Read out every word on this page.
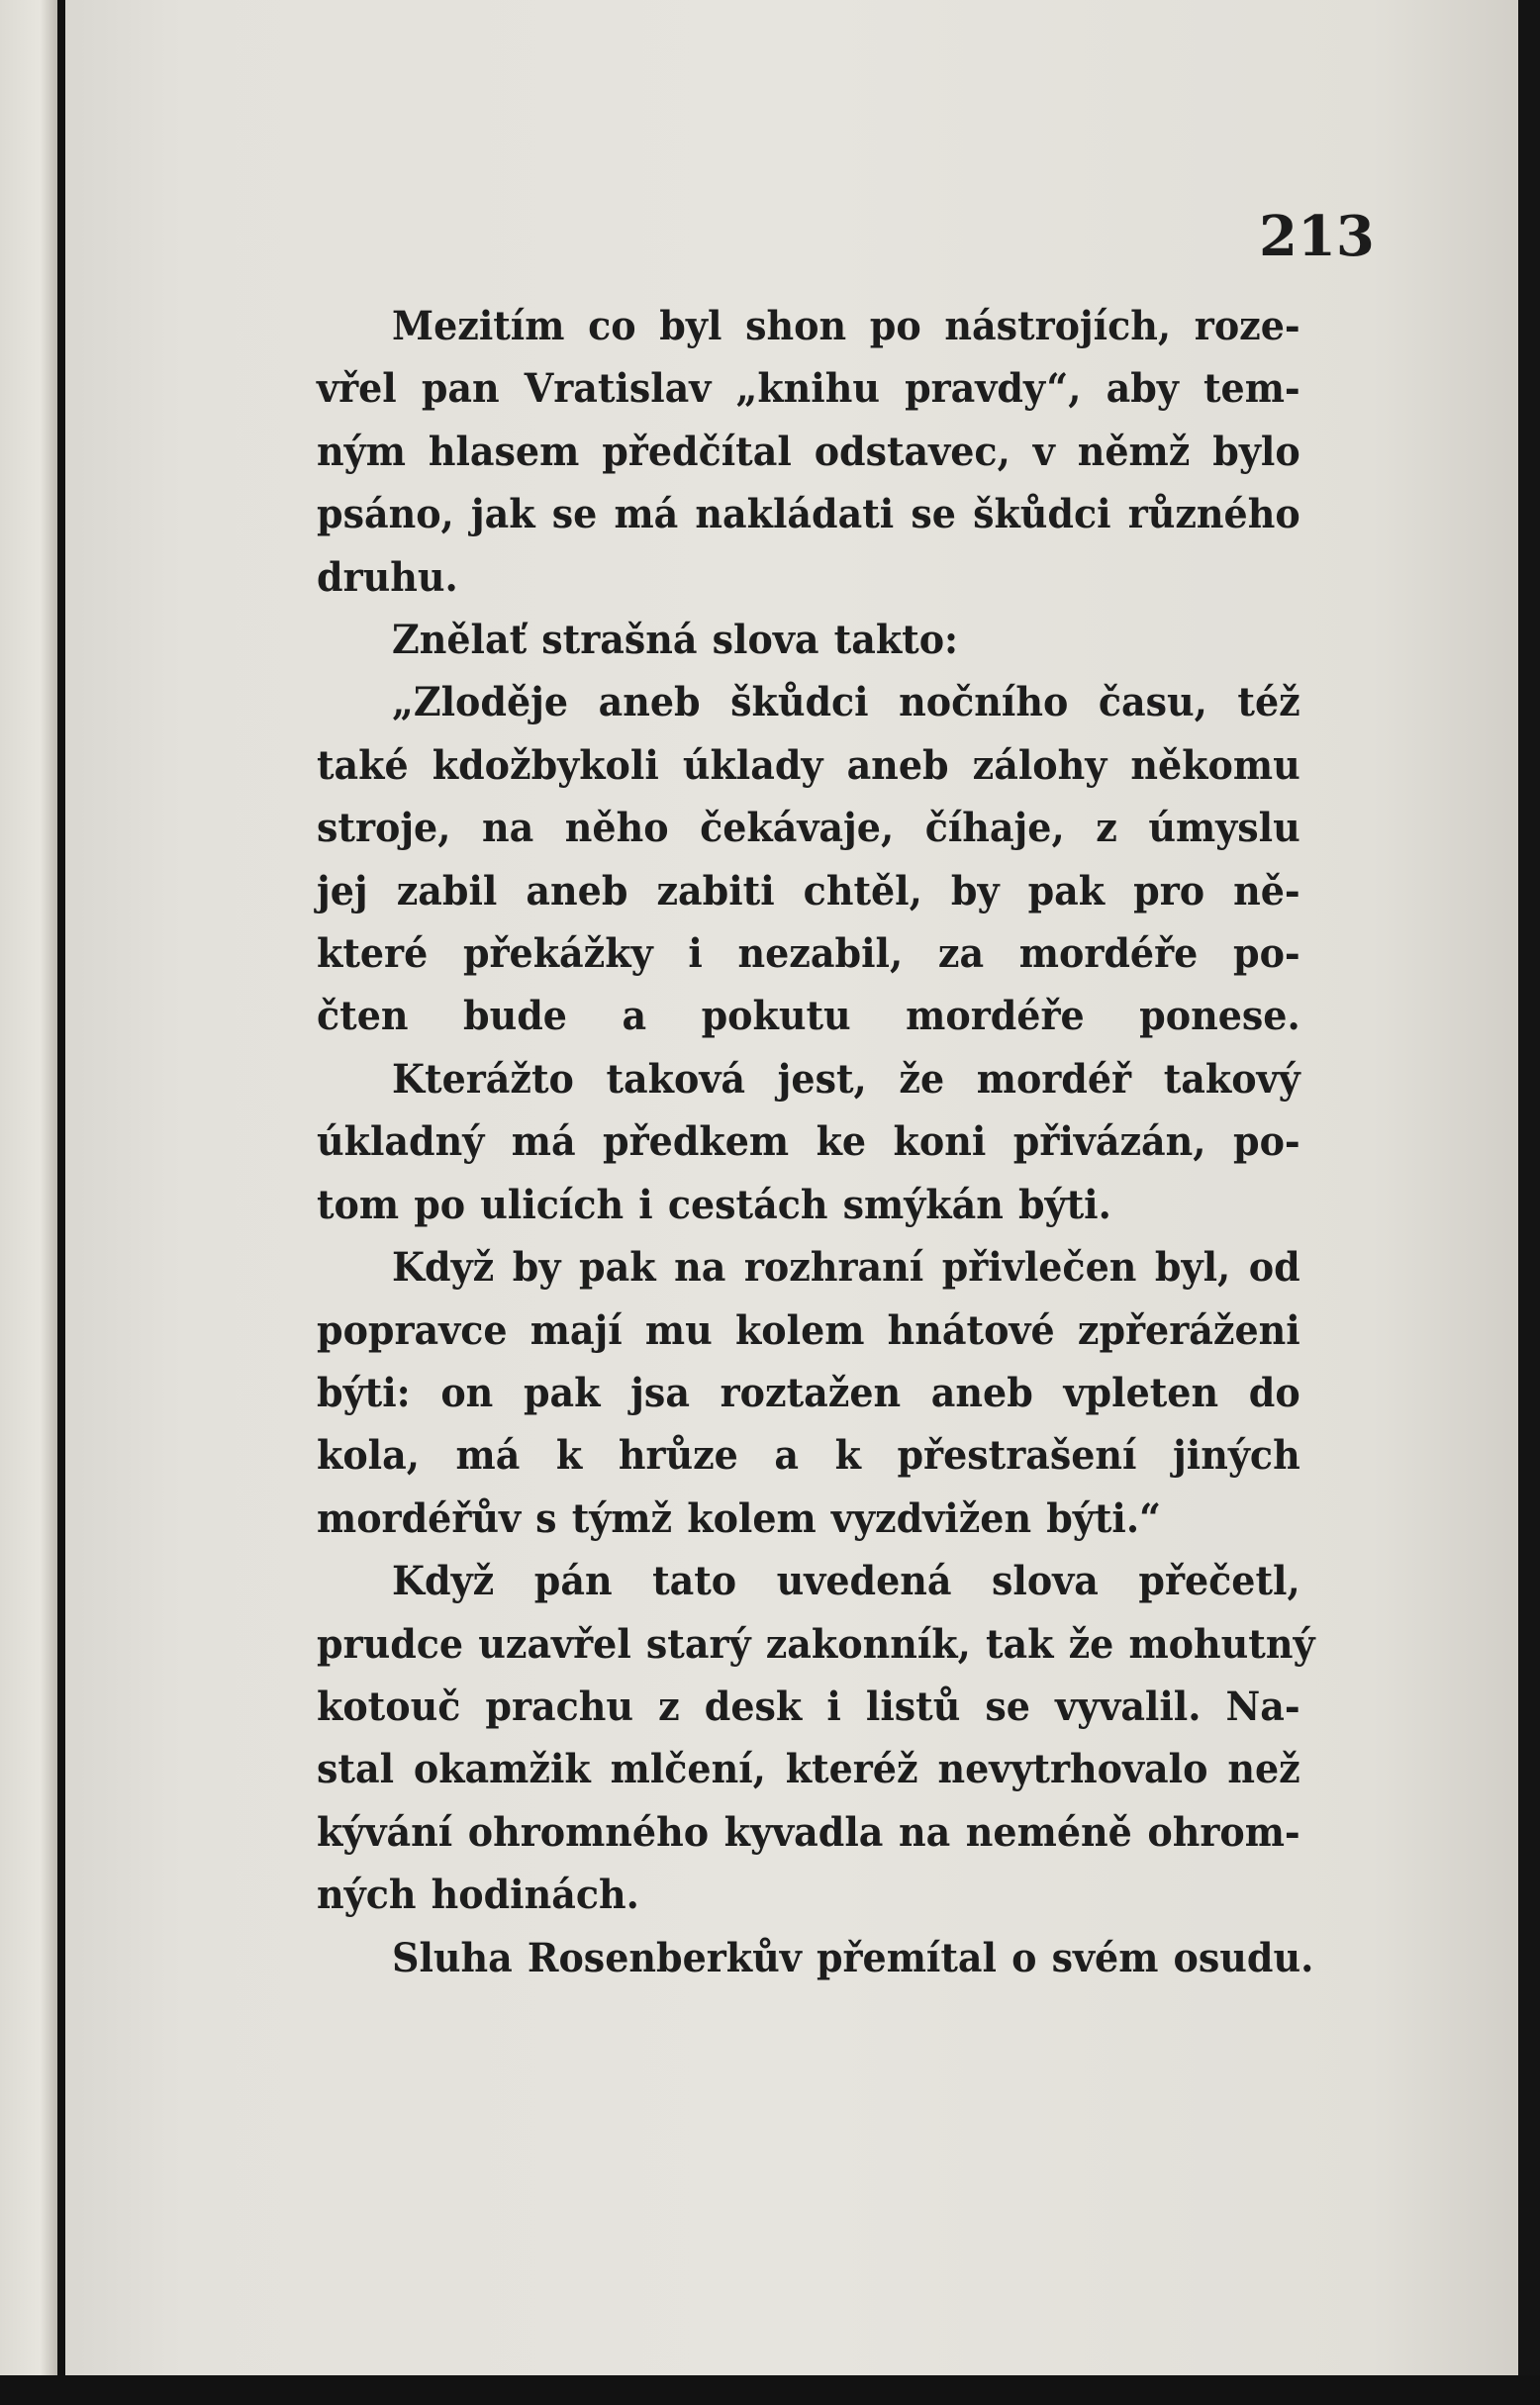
213
Mezitím co byl shon po nástrojích, roze-
vřel pan Vratislav „knihu pravdy“, aby tem-
ným hlasem předčítal odstavec, v němž bylo
psáno, jak se má nakládati se škůdci různého
druhu.
Znělať strašná slova takto:
„Zloděje aneb škůdci nočního času, též
také kdožbykoli úklady aneb zálohy někomu
stroje, na něho čekávaje, číhaje, z úmyslu
jej zabil aneb zabiti chtěl, by pak pro ně-
které překážky i nezabil, za mordéře po-
čten bude a pokutu mordéře ponese.
Kterážto taková jest, že mordéř takový
úkladný má předkem ke koni přivázán, po-
tom po ulicích i cestách smýkán býti.
Když by pak na rozhraní přivlečen byl, od
popravce mají mu kolem hnátové zpřeráženi
býti: on pak jsa roztažen aneb vpleten do
kola, má k hrůze a k přestrašení jiných
mordéřův s týmž kolem vyzdvižen býti.“
Když pán tato uvedená slova přečetl,
prudce uzavřel starý zakonník, tak že mohutný
kotouč prachu z desk i listů se vyvalil. Na-
stal okamžik mlčení, kteréž nevytrhovalo než
kývání ohromného kyvadla na neméně ohrom-
ných hodinách.
Sluha Rosenberkův přemítal o svém osudu.
